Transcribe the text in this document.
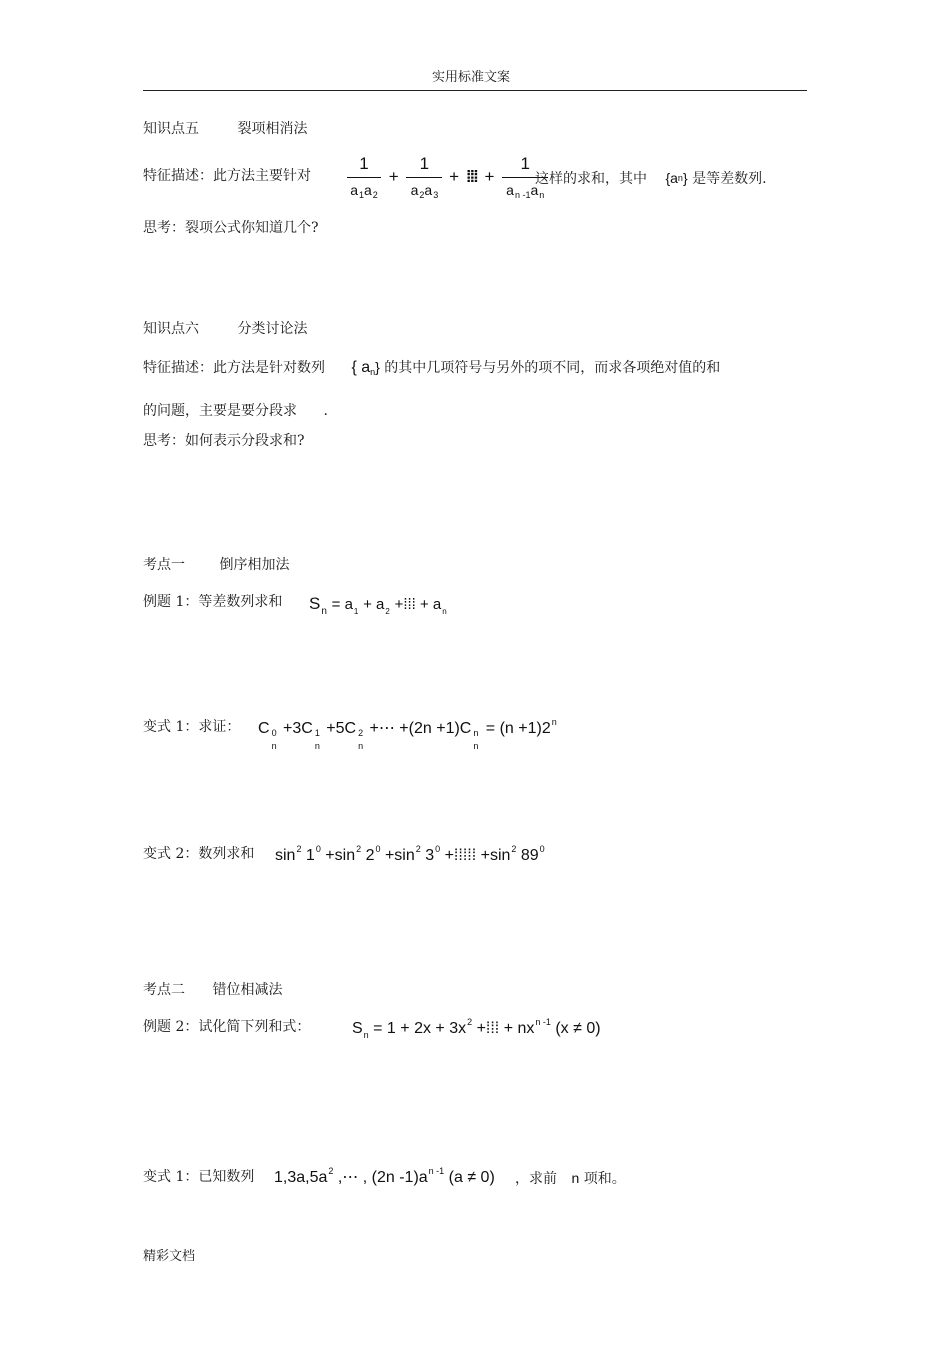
实用标准文案
知识点五	裂项相消法
特征描述：此方法主要针对 $\frac{1}{a_1a_2} + \frac{1}{a_2a_3}$ + ⁞⁞⁞ + $\frac{1}{a_{n -1}a_n}$
这样的求和，其中 {an} 是等差数列.
思考：裂项公式你知道几个?
知识点六	分类讨论法
特征描述：此方法是针对数列 { an} 的其中几项符号与另外的项不同，而求各项绝对值的和
的问题，主要是要分段求 .
思考：如何表示分段求和?
考点一 倒序相加法
例题 1：等差数列求和 $S_n = a_1 + a_2$ +⁞⁞⁞ + $a_n$
变式 1：求证： C 0
n
+3C 1
n
+5C 2
n
+⋯ +(2n +1)C n
n
= $(n +1)2^n$
变式 2：数列求和 $\sin^2 1^0 +\sin^2$ $2^0 +\sin^2$ $3^0$ +⁞⁞⁞⁞⁞ $+\sin^2$ $89^0$
考点二 错位相减法
例题 2：试化简下列和式：	$S_n = 1 + 2x + 3x^2$ +⁞⁞⁞ + $nx^{n -1}$ (x ≠ 0)
变式 1：已知数列 $1,3a,5a^2$ ,⋯ , (2n $-1)a^{n -1}$ (a ≠ 0) ，求前 n 项和。
精彩文档
